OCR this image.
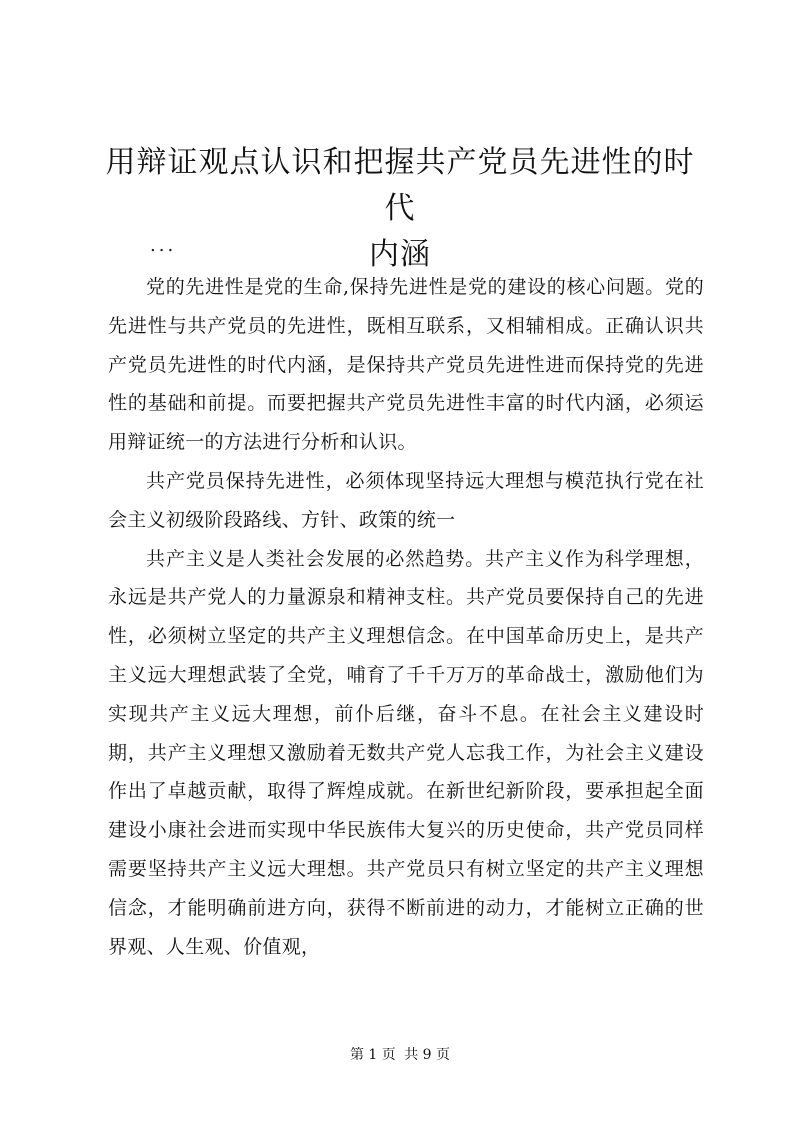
用辩证观点认识和把握共产党员先进性的时代
内涵
...

党的先进性是党的生命,保持先进性是党的建设的核心问题。党的先进性与共产党员的先进性，既相互联系，又相辅相成。正确认识共产党员先进性的时代内涵，是保持共产党员先进性进而保持党的先进性的基础和前提。而要把握共产党员先进性丰富的时代内涵，必须运用辩证统一的方法进行分析和认识。

共产党员保持先进性，必须体现坚持远大理想与模范执行党在社会主义初级阶段路线、方针、政策的统一

共产主义是人类社会发展的必然趋势。共产主义作为科学理想，永远是共产党人的力量源泉和精神支柱。共产党员要保持自己的先进性，必须树立坚定的共产主义理想信念。在中国革命历史上，是共产主义远大理想武装了全党，哺育了千千万万的革命战士，激励他们为实现共产主义远大理想，前仆后继，奋斗不息。在社会主义建设时期，共产主义理想又激励着无数共产党人忘我工作，为社会主义建设作出了卓越贡献，取得了辉煌成就。在新世纪新阶段，要承担起全面建设小康社会进而实现中华民族伟大复兴的历史使命，共产党员同样需要坚持共产主义远大理想。共产党员只有树立坚定的共产主义理想信念，才能明确前进方向，获得不断前进的动力，才能树立正确的世界观、人生观、价值观，

第 1 页 共 9 页
